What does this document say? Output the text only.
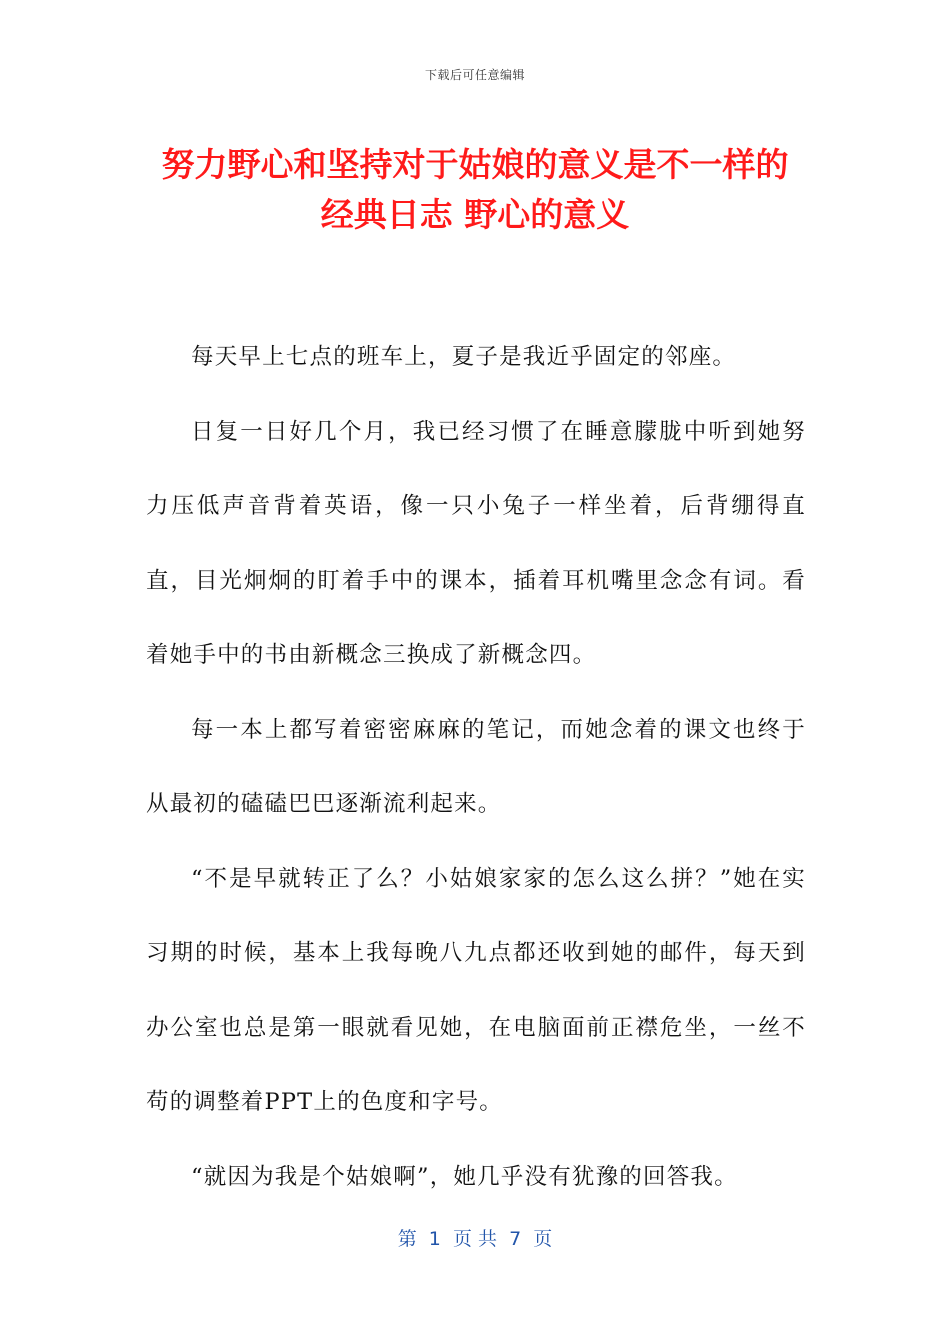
下载后可任意编辑
努力野心和坚持对于姑娘的意义是不一样的
经典日志 野心的意义

每天早上七点的班车上，夏子是我近乎固定的邻座。

日复一日好几个月，我已经习惯了在睡意朦胧中听到她努力压低声音背着英语，像一只小兔子一样坐着，后背绷得直直，目光炯炯的盯着手中的课本，插着耳机嘴里念念有词。看着她手中的书由新概念三换成了新概念四。

每一本上都写着密密麻麻的笔记，而她念着的课文也终于从最初的磕磕巴巴逐渐流利起来。

“不是早就转正了么？小姑娘家家的怎么这么拼？”她在实习期的时候，基本上我每晚八九点都还收到她的邮件，每天到办公室也总是第一眼就看见她，在电脑面前正襟危坐，一丝不苟的调整着PPT上的色度和字号。

“就因为我是个姑娘啊”，她几乎没有犹豫的回答我。

第  1  页 共  7  页
